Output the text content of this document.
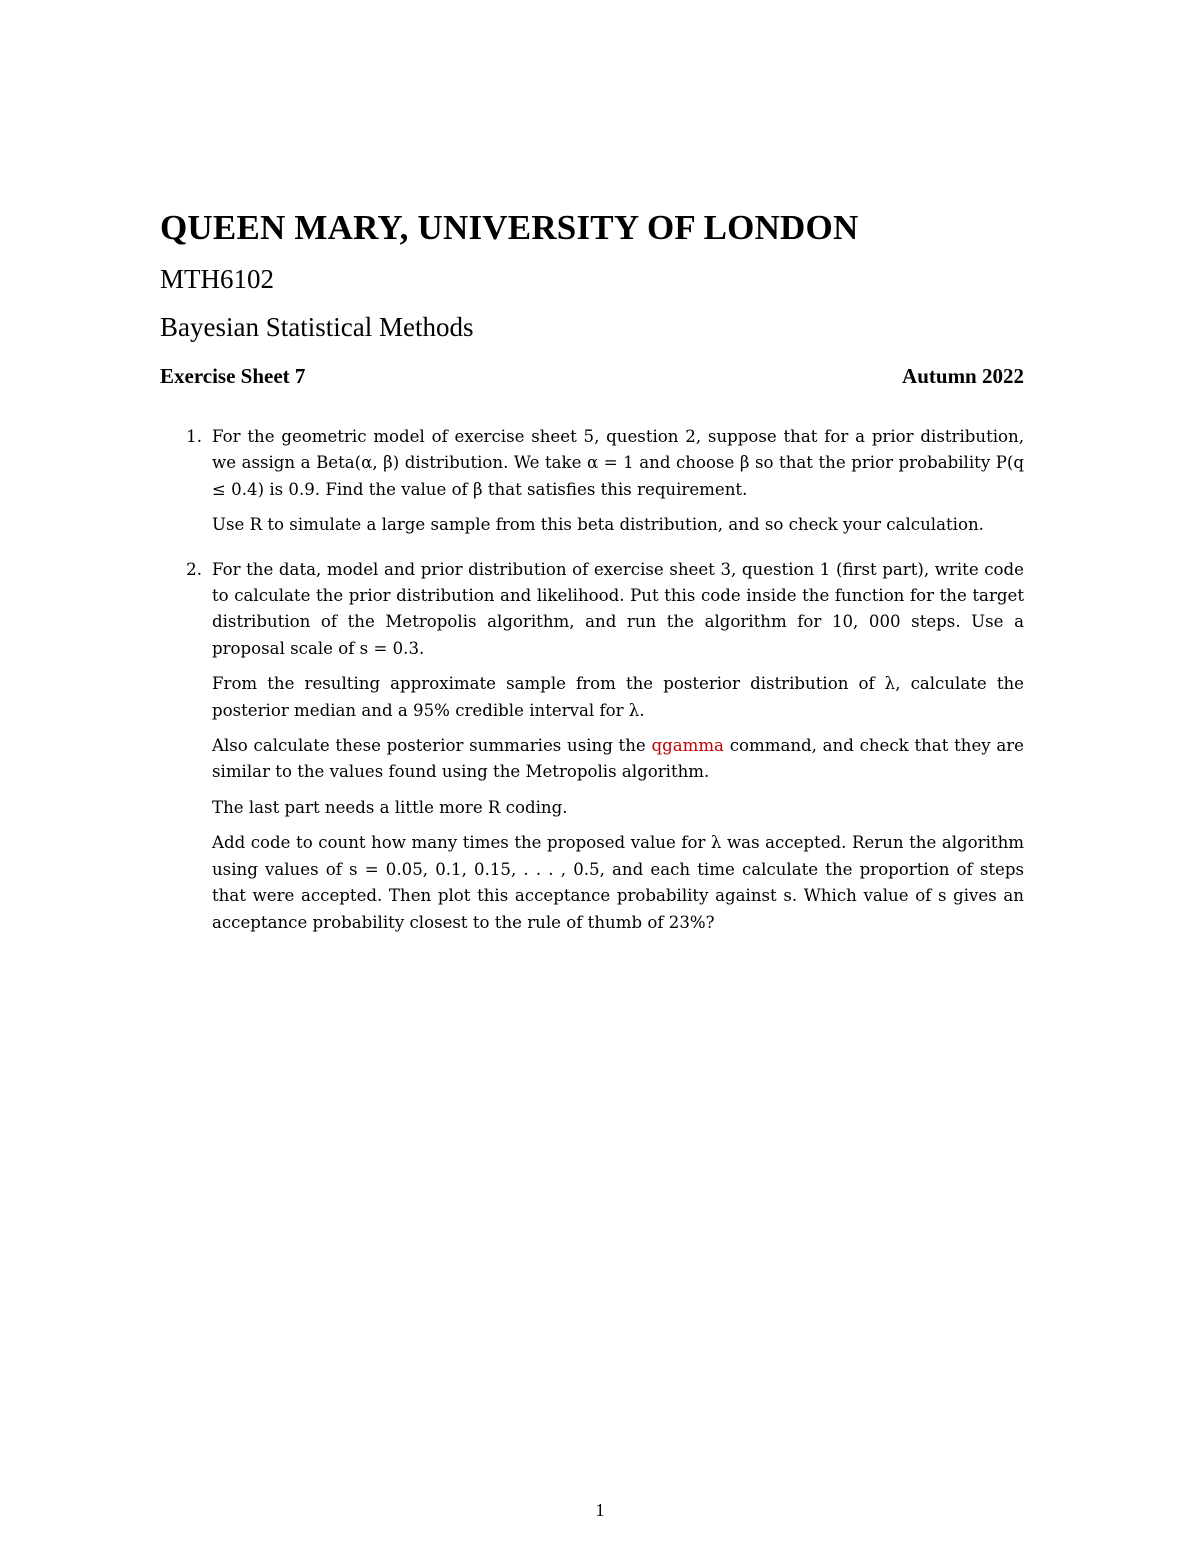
QUEEN MARY, UNIVERSITY OF LONDON
MTH6102
Bayesian Statistical Methods
Exercise Sheet 7	Autumn 2022
1. For the geometric model of exercise sheet 5, question 2, suppose that for a prior distribution, we assign a Beta(α, β) distribution. We take α = 1 and choose β so that the prior probability P(q ≤ 0.4) is 0.9. Find the value of β that satisfies this requirement.

Use R to simulate a large sample from this beta distribution, and so check your calculation.

2. For the data, model and prior distribution of exercise sheet 3, question 1 (first part), write code to calculate the prior distribution and likelihood. Put this code inside the function for the target distribution of the Metropolis algorithm, and run the algorithm for 10, 000 steps. Use a proposal scale of s = 0.3.

From the resulting approximate sample from the posterior distribution of λ, calculate the posterior median and a 95% credible interval for λ.

Also calculate these posterior summaries using the qgamma command, and check that they are similar to the values found using the Metropolis algorithm.

The last part needs a little more R coding.

Add code to count how many times the proposed value for λ was accepted. Rerun the algorithm using values of s = 0.05, 0.1, 0.15, . . . , 0.5, and each time calculate the proportion of steps that were accepted. Then plot this acceptance probability against s. Which value of s gives an acceptance probability closest to the rule of thumb of 23%?

1
